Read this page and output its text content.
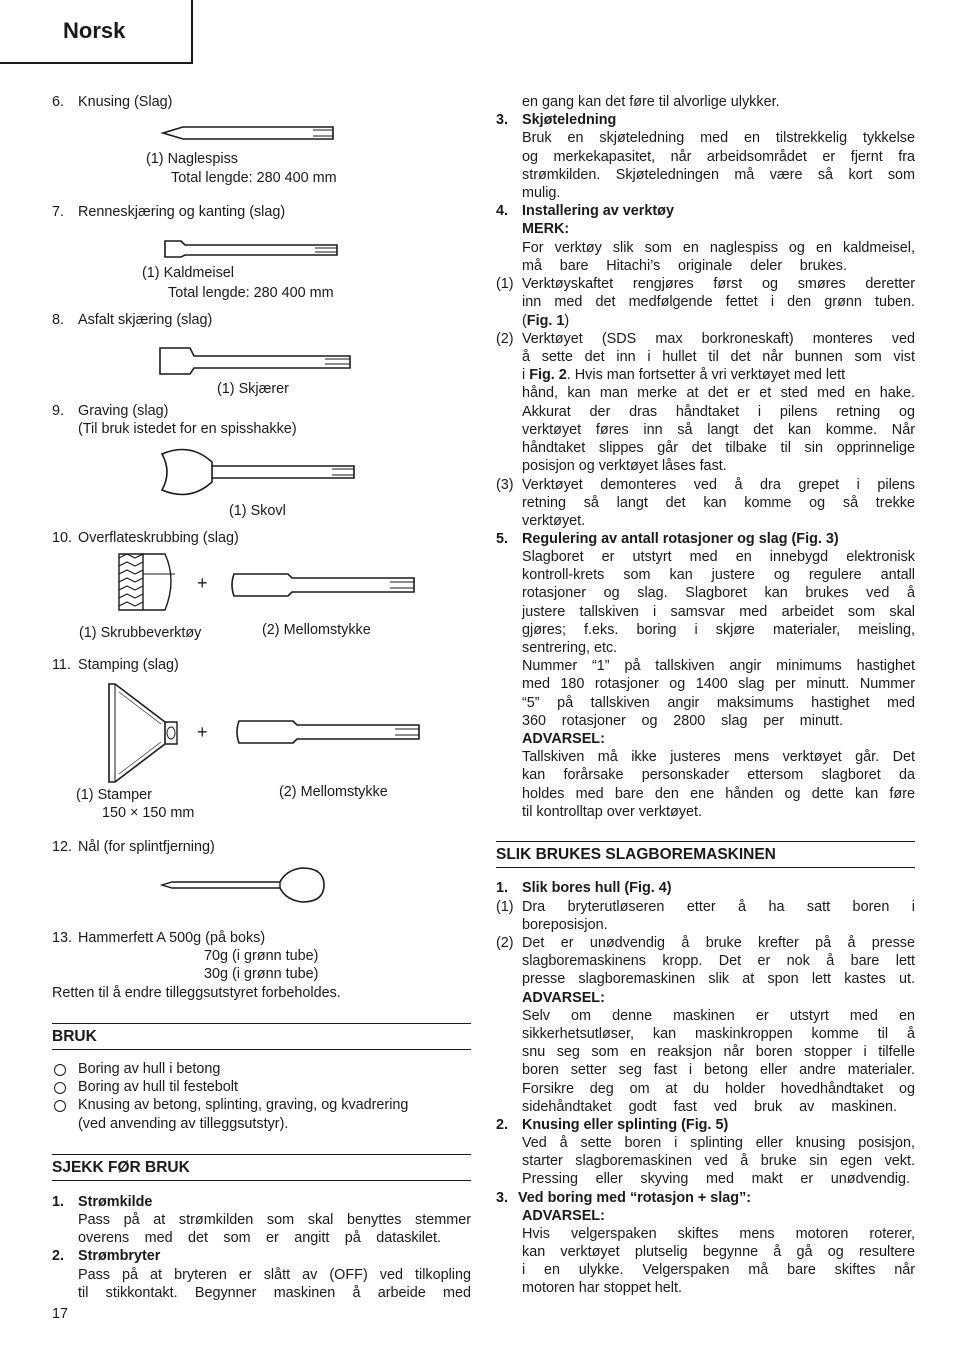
Norsk
6. Knusing (Slag)
(1) Naglespiss
Total lengde: 280 400 mm
7. Renneskjæring og kanting (slag)
(1) Kaldmeisel
Total lengde: 280 400 mm
8. Asfalt skjæring (slag)
(1) Skjærer
9. Graving (slag)
(Til bruk istedet for en spisshakke)
(1) Skovl
10. Overflateskrubbing (slag)
+
(1) Skrubbeverktøy	(2) Mellomstykke
11. Stamping (slag)
+
(1) Stamper
150 × 150 mm
(2) Mellomstykke
12. Nål (for splintfjerning)
13. Hammerfett A 500g (på boks)
70g (i grønn tube)
30g (i grønn tube)
Retten til å endre tilleggsutstyret forbeholdes.
BRUK
Boring av hull i betong
Boring av hull til festebolt
Knusing av betong, splinting, graving, og kvadrering
(ved anvending av tilleggsutstyr).
SJEKK FØR BRUK
1. Strømkilde
Pass på at strømkilden som skal benyttes stemmer
overens med det som er angitt på dataskilet.
2. Strømbryter
Pass på at bryteren er slått av (OFF) ved tilkopling
til stikkontakt. Begynner maskinen å arbeide med
17
en gang kan det føre til alvorlige ulykker.
3. Skjøteledning
Bruk en skjøteledning med en tilstrekkelig tykkelse
og merkekapasitet, når arbeidsområdet er fjernt fra
strømkilden. Skjøteledningen må være så kort som
mulig.
4. Installering av verktøy
MERK:
For verktøy slik som en naglespiss og en kaldmeisel,
må bare Hitachi’s originale deler brukes.
(1) Verktøyskaftet rengjøres først og smøres deretter
inn med det medfølgende fettet i den grønn tuben.
(Fig. 1)
(2) Verktøyet (SDS max borkroneskaft) monteres ved
å sette det inn i hullet til det når bunnen som vist
i Fig. 2. Hvis man fortsetter å vri verktøyet med lett
hånd, kan man merke at det er et sted med en hake.
Akkurat der dras håndtaket i pilens retning og
verktøyet føres inn så langt det kan komme. Når
håndtaket slippes går det tilbake til sin opprinnelige
posisjon og verktøyet låses fast.
(3) Verktøyet demonteres ved å dra grepet i pilens
retning så langt det kan komme og så trekke
verktøyet.
5. Regulering av antall rotasjoner og slag (Fig. 3)
Slagboret er utstyrt med en innebygd elektronisk
kontroll-krets som kan justere og regulere antall
rotasjoner og slag. Slagboret kan brukes ved å
justere tallskiven i samsvar med arbeidet som skal
gjøres; f.eks. boring i skjøre materialer, meisling,
sentrering, etc.
Nummer “1” på tallskiven angir minimums hastighet
med 180 rotasjoner og 1400 slag per minutt. Nummer
“5” på tallskiven angir maksimums hastighet med
360 rotasjoner og 2800 slag per minutt.
ADVARSEL:
Tallskiven må ikke justeres mens verktøyet går. Det
kan forårsake personskader ettersom slagboret da
holdes med bare den ene hånden og dette kan føre
til kontrolltap over verktøyet.
SLIK BRUKES SLAGBOREMASKINEN
1. Slik bores hull (Fig. 4)
(1) Dra bryterutløseren etter å ha satt boren i
boreposisjon.
(2) Det er unødvendig å bruke krefter på å presse
slagboremaskinens kropp. Det er nok å bare lett
presse slagboremaskinen slik at spon lett kastes ut.
ADVARSEL:
Selv om denne maskinen er utstyrt med en
sikkerhetsutløser, kan maskinkroppen komme til å
snu seg som en reaksjon når boren stopper i tilfelle
boren setter seg fast i betong eller andre materialer.
Forsikre deg om at du holder hovedhåndtaket og
sidehåndtaket godt fast ved bruk av maskinen.
2. Knusing eller splinting (Fig. 5)
Ved å sette boren i splinting eller knusing posisjon,
starter slagboremaskinen ved å bruke sin egen vekt.
Pressing eller skyving med makt er unødvendig.
3. Ved boring med “rotasjon + slag”:
ADVARSEL:
Hvis velgerspaken skiftes mens motoren roterer,
kan verktøyet plutselig begynne å gå og resultere
i en ulykke. Velgerspaken må bare skiftes når
motoren har stoppet helt.
